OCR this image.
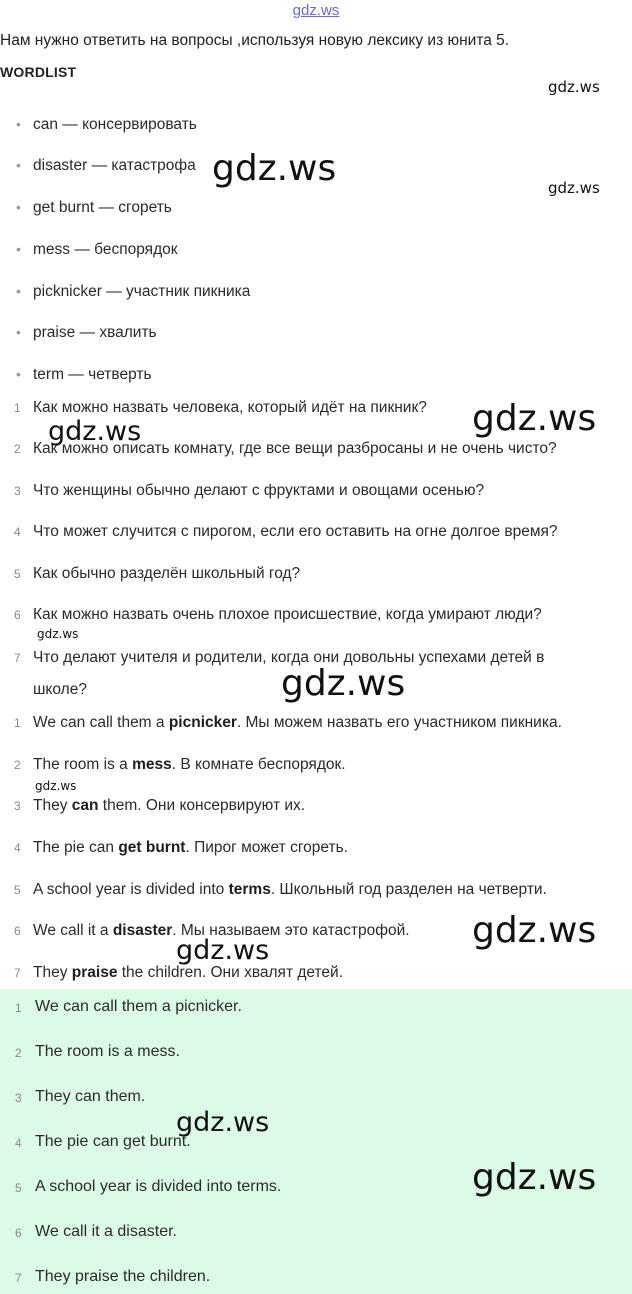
gdz.ws
Нам нужно ответить на вопросы ,используя новую лексику из юнита 5.
WORDLIST
• can — консервировать
• disaster — катастрофа
• get burnt — сгореть
• mess — беспорядок
• picknicker — участник пикника
• praise — хвалить
• term — четверть
1 Как можно назвать человека, который идёт на пикник?
2 Как можно описать комнату, где все вещи разбросаны и не очень чисто?
3 Что женщины обычно делают с фруктами и овощами осенью?
4 Что может случится с пирогом, если его оставить на огне долгое время?
5 Как обычно разделён школьный год?
6 Как можно назвать очень плохое происшествие, когда умирают люди?
7 Что делают учителя и родители, когда они довольны успехами детей в
школе?
1 We can call them a picnicker. Мы можем назвать его участником пикника.
2 The room is a mess. В комнате беспорядок.
3 They can them. Они консервируют их.
4 The pie can get burnt. Пирог может сгореть.
5 A school year is divided into terms. Школьный год разделен на четверти.
6 We call it a disaster. Мы называем это катастрофой.
7 They praise the children. Они хвалят детей.
1 We can call them a picnicker.
2 The room is a mess.
3 They can them.
4 The pie can get burnt.
5 A school year is divided into terms.
6 We call it a disaster.
7 They praise the children.
gdz.ws
gdz.ws	gdz.ws
gdz.ws
gdz.ws
gdz.ws
gdz.ws
gdz.ws
gdz.ws
gdz.ws
gdz.ws
gdz.ws
